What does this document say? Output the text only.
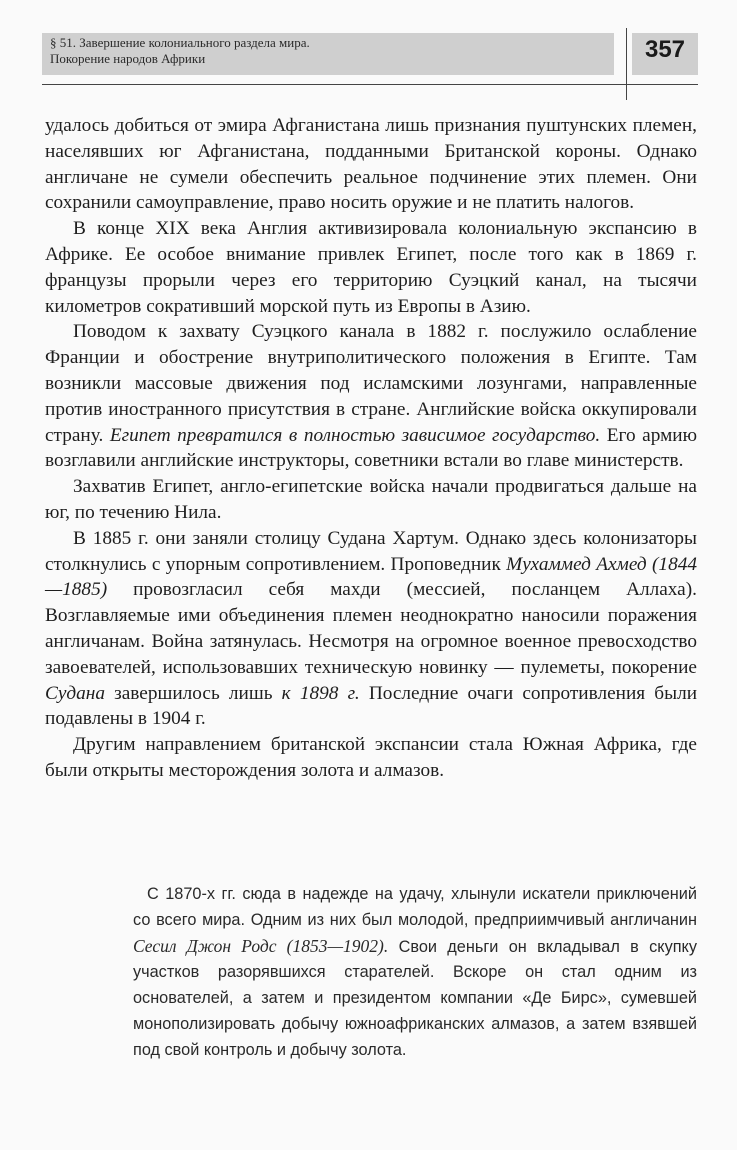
§ 51. Завершение колониального раздела мира.
Покорение народов Африки	357

удалось добиться от эмира Афганистана лишь признания пуштунских племен, населявших юг Афганистана, подданными Британской короны. Однако англичане не сумели обеспечить реальное подчинение этих племен. Они сохранили самоуправление, право носить оружие и не платить налогов.

В конце XIX века Англия активизировала колониальную экспансию в Африке. Ее особое внимание привлек Египет, после того как в 1869 г. французы прорыли через его территорию Суэцкий канал, на тысячи километров сокративший морской путь из Европы в Азию.

Поводом к захвату Суэцкого канала в 1882 г. послужило ослабление Франции и обострение внутриполитического положения в Египте. Там возникли массовые движения под исламскими лозунгами, направленные против иностранного присутствия в стране. Английские войска оккупировали страну. Египет превратился в полностью зависимое государство. Его армию возглавили английские инструкторы, советники встали во главе министерств.

Захватив Египет, англо-египетские войска начали продвигаться дальше на юг, по течению Нила.

В 1885 г. они заняли столицу Судана Хартум. Однако здесь колонизаторы столкнулись с упорным сопротивлением. Проповедник Мухаммед Ахмед (1844—1885) провозгласил себя махди (мессией, посланцем Аллаха). Возглавляемые ими объединения племен неоднократно наносили поражения англичанам. Война затянулась. Несмотря на огромное военное превосходство завоевателей, использовавших техническую новинку — пулеметы, покорение Судана завершилось лишь к 1898 г. Последние очаги сопротивления были подавлены в 1904 г.

Другим направлением британской экспансии стала Южная Африка, где были открыты месторождения золота и алмазов.

С 1870-х гг. сюда в надежде на удачу, хлынули искатели приключений со всего мира. Одним из них был молодой, предприимчивый англичанин Сесил Джон Родс (1853—1902). Свои деньги он вкладывал в скупку участков разорявшихся старателей. Вскоре он стал одним из основателей, а затем и президентом компании «Де Бирс», сумевшей монополизировать добычу южноафриканских алмазов, а затем взявшей под свой контроль и добычу золота.
